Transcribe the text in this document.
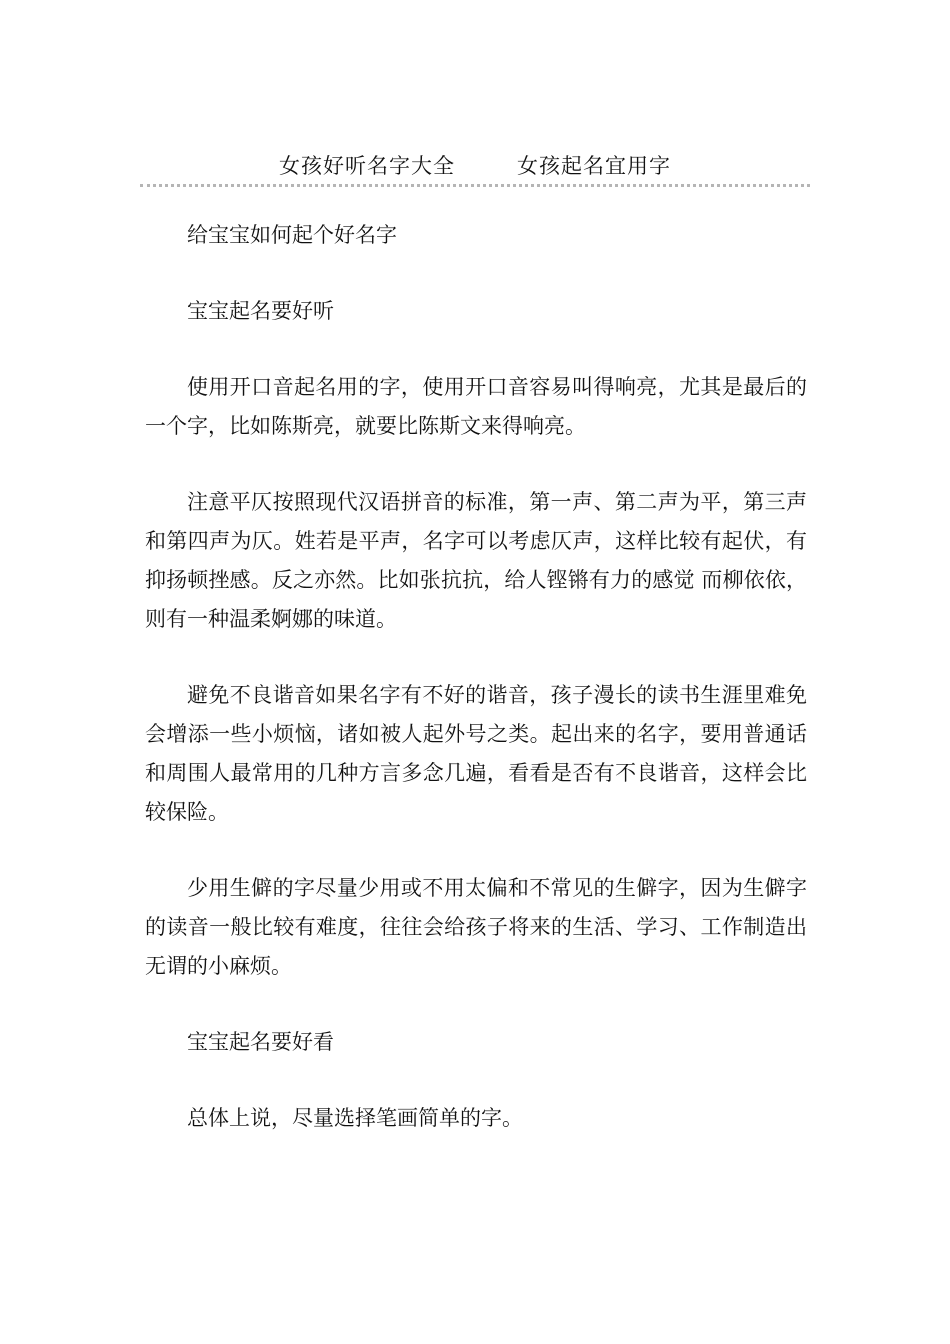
女孩好听名字大全	女孩起名宜用字

给宝宝如何起个好名字

宝宝起名要好听

使用开口音起名用的字，使用开口音容易叫得响亮，尤其是最后的一个字，比如陈斯亮，就要比陈斯文来得响亮。

注意平仄按照现代汉语拼音的标准，第一声、第二声为平，第三声和第四声为仄。姓若是平声，名字可以考虑仄声，这样比较有起伏，有抑扬顿挫感。反之亦然。比如张抗抗，给人铿锵有力的感觉 而柳依依，则有一种温柔婀娜的味道。

避免不良谐音如果名字有不好的谐音，孩子漫长的读书生涯里难免会增添一些小烦恼，诸如被人起外号之类。起出来的名字，要用普通话和周围人最常用的几种方言多念几遍，看看是否有不良谐音，这样会比较保险。

少用生僻的字尽量少用或不用太偏和不常见的生僻字，因为生僻字的读音一般比较有难度，往往会给孩子将来的生活、学习、工作制造出无谓的小麻烦。

宝宝起名要好看

总体上说，尽量选择笔画简单的字。
